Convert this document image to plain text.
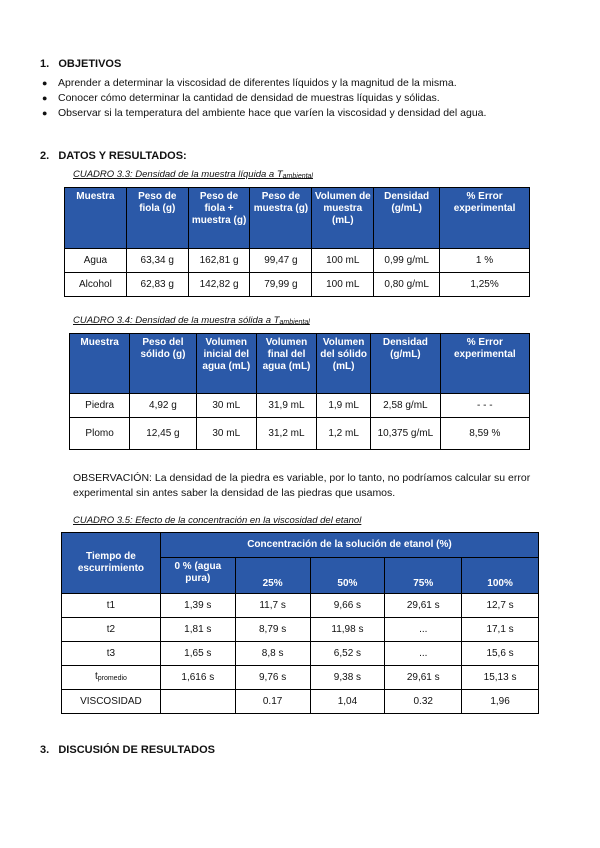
1. OBJETIVOS
● Aprender a determinar la viscosidad de diferentes líquidos y la magnitud de la misma.
● Conocer cómo determinar la cantidad de densidad de muestras líquidas y sólidas.
● Observar si la temperatura del ambiente hace que varíen la viscosidad y densidad del agua.
2. DATOS Y RESULTADOS:
CUADRO 3.3: Densidad de la muestra líquida a $T_{ambiental}$
Muestra	Peso de fiola (g)	Peso de fiola + muestra (g)	Peso de muestra (g)	Volumen de muestra (mL)	Densidad (g/mL)	% Error experimental
Agua	63,34 g	162,81 g	99,47 g	100 mL	0,99 g/mL	1 %
Alcohol	62,83 g	142,82 g	79,99 g	100 mL	0,80 g/mL	1,25%
CUADRO 3.4: Densidad de la muestra sólida a $T_{ambiental}$
Muestra	Peso del sólido (g)	Volumen inicial del agua (mL)	Volumen final del agua (mL)	Volumen del sólido (mL)	Densidad (g/mL)	% Error experimental
Piedra	4,92 g	30 mL	31,9 mL	1,9 mL	2,58 g/mL	- - -
Plomo	12,45 g	30 mL	31,2 mL	1,2 mL	10,375 g/mL	8,59 %
OBSERVACIÓN: La densidad de la piedra es variable, por lo tanto, no podríamos calcular su error experimental sin antes saber la densidad de las piedras que usamos.
CUADRO 3.5: Efecto de la concentración en la viscosidad del etanol
Tiempo de escurrimiento	Concentración de la solución de etanol (%)				
	0 % (agua pura)	25%	50%	75%	100%
t1	1,39 s	11,7 s	9,66 s	29,61 s	12,7 s
t2	1,81 s	8,79 s	11,98 s	...	17,1 s
t3	1,65 s	8,8 s	6,52 s	...	15,6 s
$t_{promedio}$	1,616 s	9,76 s	9,38 s	29,61 s	15,13 s
VISCOSIDAD		0.17	1,04	0.32	1,96
3. DISCUSIÓN DE RESULTADOS
